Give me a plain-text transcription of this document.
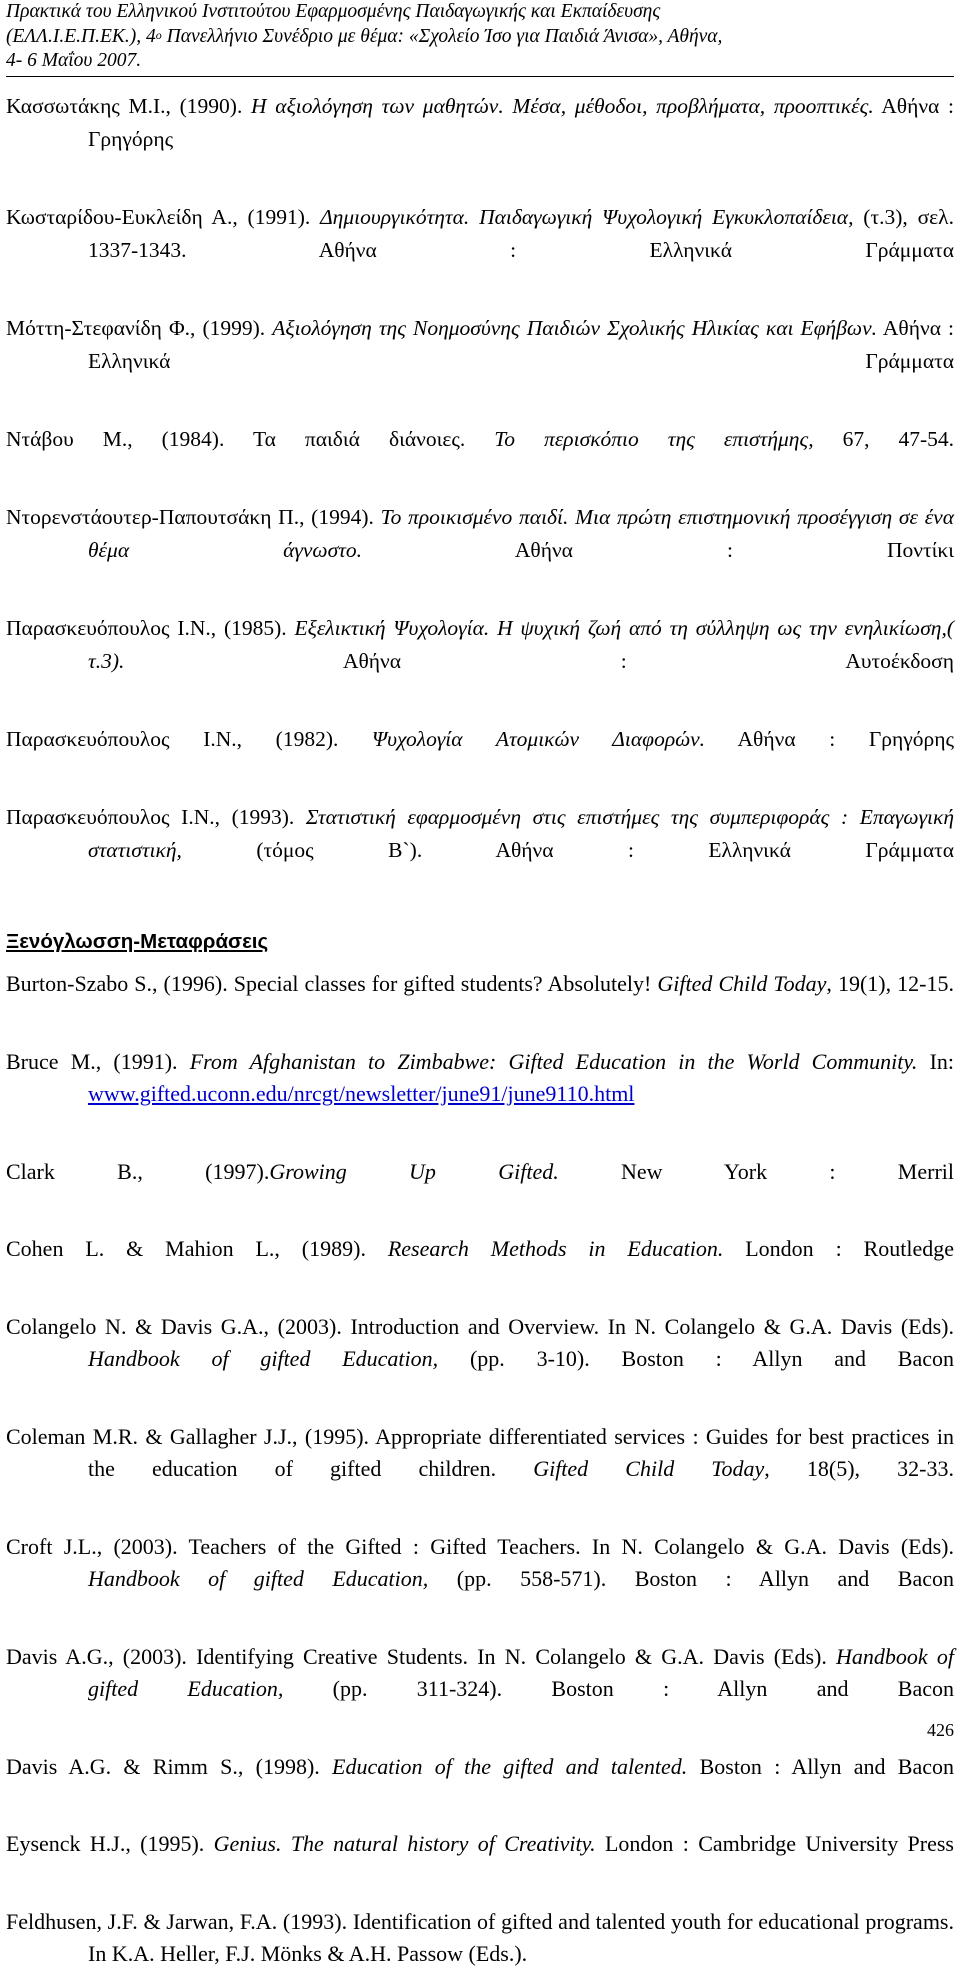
Πρακτικά του Ελληνικού Ινστιτούτου Εφαρμοσμένης Παιδαγωγικής και Εκπαίδευσης
(ΕΛΛ.Ι.Ε.Π.ΕΚ.), $4^o$ Πανελλήνιο Συνέδριο με θέμα: «Σχολείο Ίσο για Παιδιά Άνισα», Αθήνα,
4- 6 Μαΐου 2007.

Κασσωτάκης Μ.Ι., (1990). Η αξιολόγηση των μαθητών. Μέσα, μέθοδοι, προβλήματα, προοπτικές. Αθήνα : Γρηγόρης

Κωσταρίδου-Ευκλείδη Α., (1991). Δημιουργικότητα. Παιδαγωγική Ψυχολογική Εγκυκλοπαίδεια, (τ.3), σελ. 1337-1343. Αθήνα : Ελληνικά Γράμματα

Μόττη-Στεφανίδη Φ., (1999). Αξιολόγηση της Νοημοσύνης Παιδιών Σχολικής Ηλικίας και Εφήβων. Αθήνα : Ελληνικά Γράμματα

Ντάβου Μ., (1984). Τα παιδιά διάνοιες. Το περισκόπιο της επιστήμης, 67, 47-54.

Ντορενστάουτερ-Παπουτσάκη Π., (1994). Το προικισμένο παιδί. Μια πρώτη επιστημονική προσέγγιση σε ένα θέμα άγνωστο. Αθήνα : Ποντίκι

Παρασκευόπουλος Ι.Ν., (1985). Εξελικτική Ψυχολογία. Η ψυχική ζωή από τη σύλληψη ως την ενηλικίωση,( τ.3). Αθήνα : Αυτοέκδοση

Παρασκευόπουλος Ι.Ν., (1982). Ψυχολογία Ατομικών Διαφορών. Αθήνα : Γρηγόρης

Παρασκευόπουλος Ι.Ν., (1993). Στατιστική εφαρμοσμένη στις επιστήμες της συμπεριφοράς : Επαγωγική στατιστική, (τόμος Β`). Αθήνα : Ελληνικά Γράμματα

Ξενόγλωσση-Μεταφράσεις

Burton-Szabo S., (1996). Special classes for gifted students? Absolutely! Gifted Child Today, 19(1), 12-15.

Bruce M., (1991). From Afghanistan to Zimbabwe: Gifted Education in the World Community. In: www.gifted.uconn.edu/nrcgt/newsletter/june91/june9110.html

Clark B., (1997).Growing Up Gifted. New York : Merril

Cohen L. & Mahion L., (1989). Research Methods in Education. London : Routledge

Colangelo N. & Davis G.A., (2003). Introduction and Overview. In N. Colangelo & G.A. Davis (Eds). Handbook of gifted Education, (pp. 3-10). Boston : Allyn and Bacon

Coleman M.R. & Gallagher J.J., (1995). Appropriate differentiated services : Guides for best practices in the education of gifted children. Gifted Child Today, 18(5), 32-33.

Croft J.L., (2003). Teachers of the Gifted : Gifted Teachers. In N. Colangelo & G.A. Davis (Eds). Handbook of gifted Education, (pp. 558-571). Boston : Allyn and Bacon

Davis A.G., (2003). Identifying Creative Students. In N. Colangelo & G.A. Davis (Eds). Handbook of gifted Education, (pp. 311-324). Boston : Allyn and Bacon

Davis A.G. & Rimm S., (1998). Education of the gifted and talented. Boston : Allyn and Bacon

Eysenck H.J., (1995). Genius. The natural history of Creativity. London : Cambridge University Press

Feldhusen, J.F. & Jarwan, F.A. (1993). Identification of gifted and talented youth for educational programs. In K.A. Heller, F.J. Mönks & A.H. Passow (Eds.).

426
